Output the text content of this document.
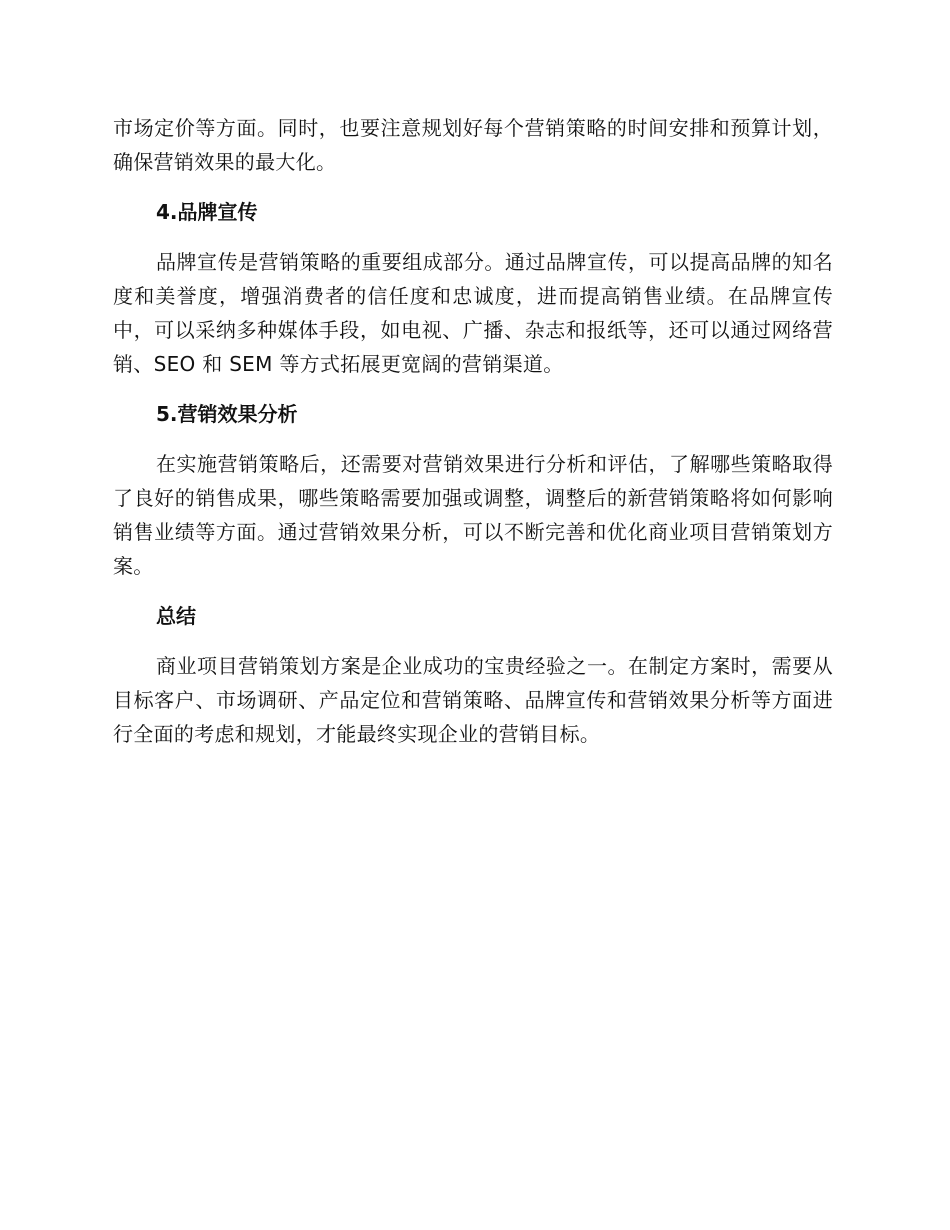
市场定价等方面。同时，也要注意规划好每个营销策略的时间安排和预算计划，确保营销效果的最大化。

4.品牌宣传

品牌宣传是营销策略的重要组成部分。通过品牌宣传，可以提高品牌的知名度和美誉度，增强消费者的信任度和忠诚度，进而提高销售业绩。在品牌宣传中，可以采纳多种媒体手段，如电视、广播、杂志和报纸等，还可以通过网络营销、SEO 和 SEM 等方式拓展更宽阔的营销渠道。

5.营销效果分析

在实施营销策略后，还需要对营销效果进行分析和评估，了解哪些策略取得了良好的销售成果，哪些策略需要加强或调整，调整后的新营销策略将如何影响销售业绩等方面。通过营销效果分析，可以不断完善和优化商业项目营销策划方案。

总结

商业项目营销策划方案是企业成功的宝贵经验之一。在制定方案时，需要从目标客户、市场调研、产品定位和营销策略、品牌宣传和营销效果分析等方面进行全面的考虑和规划，才能最终实现企业的营销目标。
